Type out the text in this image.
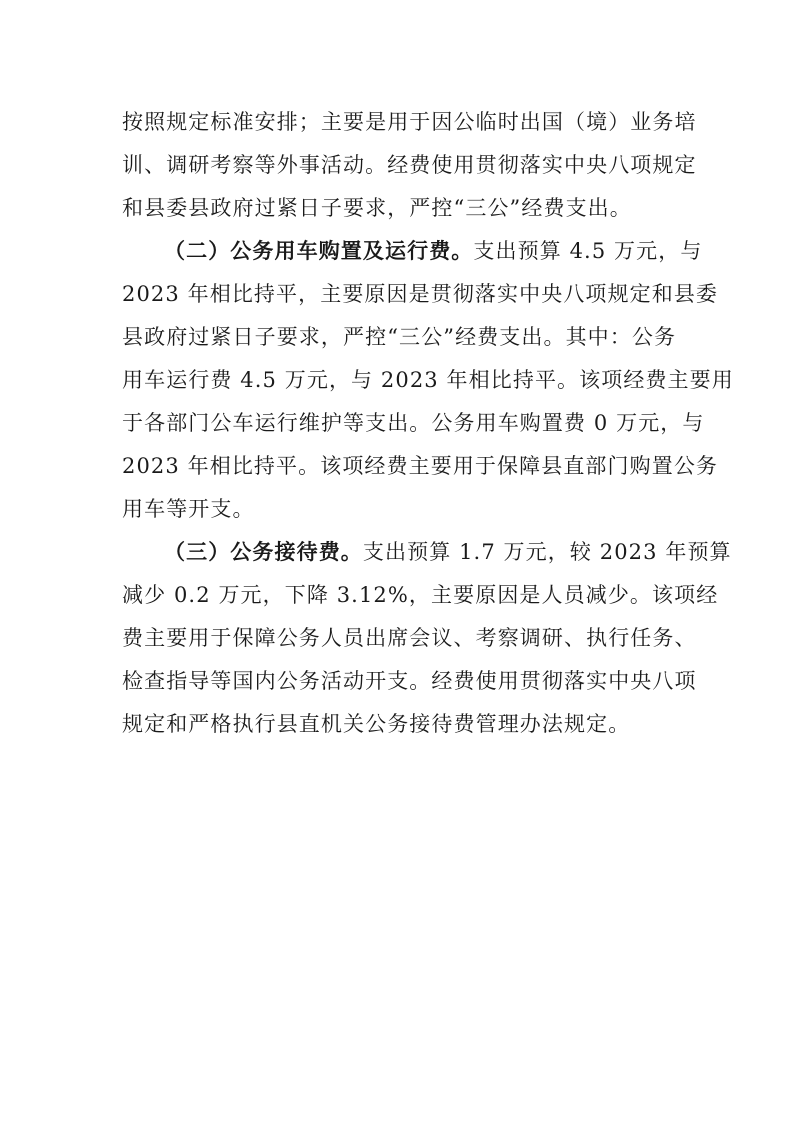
按照规定标准安排；主要是用于因公临时出国（境）业务培
训、调研考察等外事活动。经费使用贯彻落实中央八项规定
和县委县政府过紧日子要求，严控“三公”经费支出。
（二）公务用车购置及运行费。支出预算 4.5 万元，与
2023 年相比持平，主要原因是贯彻落实中央八项规定和县委
县政府过紧日子要求，严控“三公”经费支出。其中：公务
用车运行费 4.5 万元，与 2023 年相比持平。该项经费主要用
于各部门公车运行维护等支出。公务用车购置费 0 万元，与
2023 年相比持平。该项经费主要用于保障县直部门购置公务
用车等开支。
（三）公务接待费。支出预算 1.7 万元，较 2023 年预算
减少 0.2 万元，下降 3.12%，主要原因是人员减少。该项经
费主要用于保障公务人员出席会议、考察调研、执行任务、
检查指导等国内公务活动开支。经费使用贯彻落实中央八项
规定和严格执行县直机关公务接待费管理办法规定。
